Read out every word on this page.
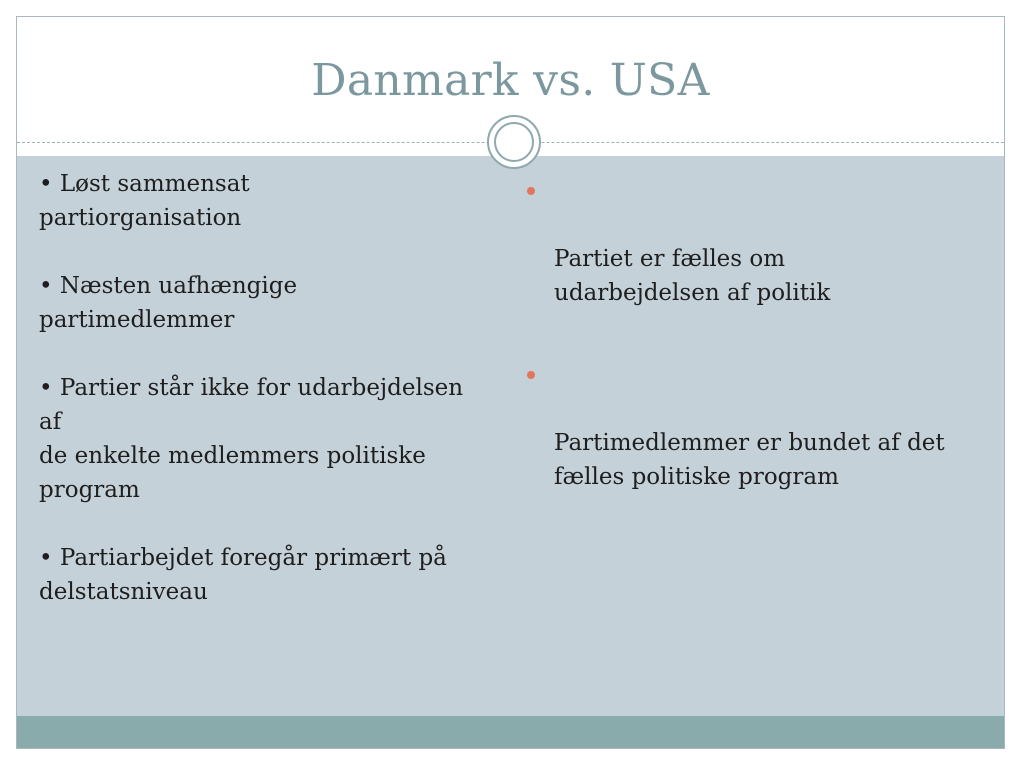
Danmark vs. USA

• Løst sammensat
partiorganisation

• Næsten uafhængige
partimedlemmer

• Partier står ikke for udarbejdelsen
af
de enkelte medlemmers politiske
program

• Partiarbejdet foregår primært på
delstatsniveau

Partiet er fælles om
udarbejdelsen af politik

Partimedlemmer er bundet af det
fælles politiske program
